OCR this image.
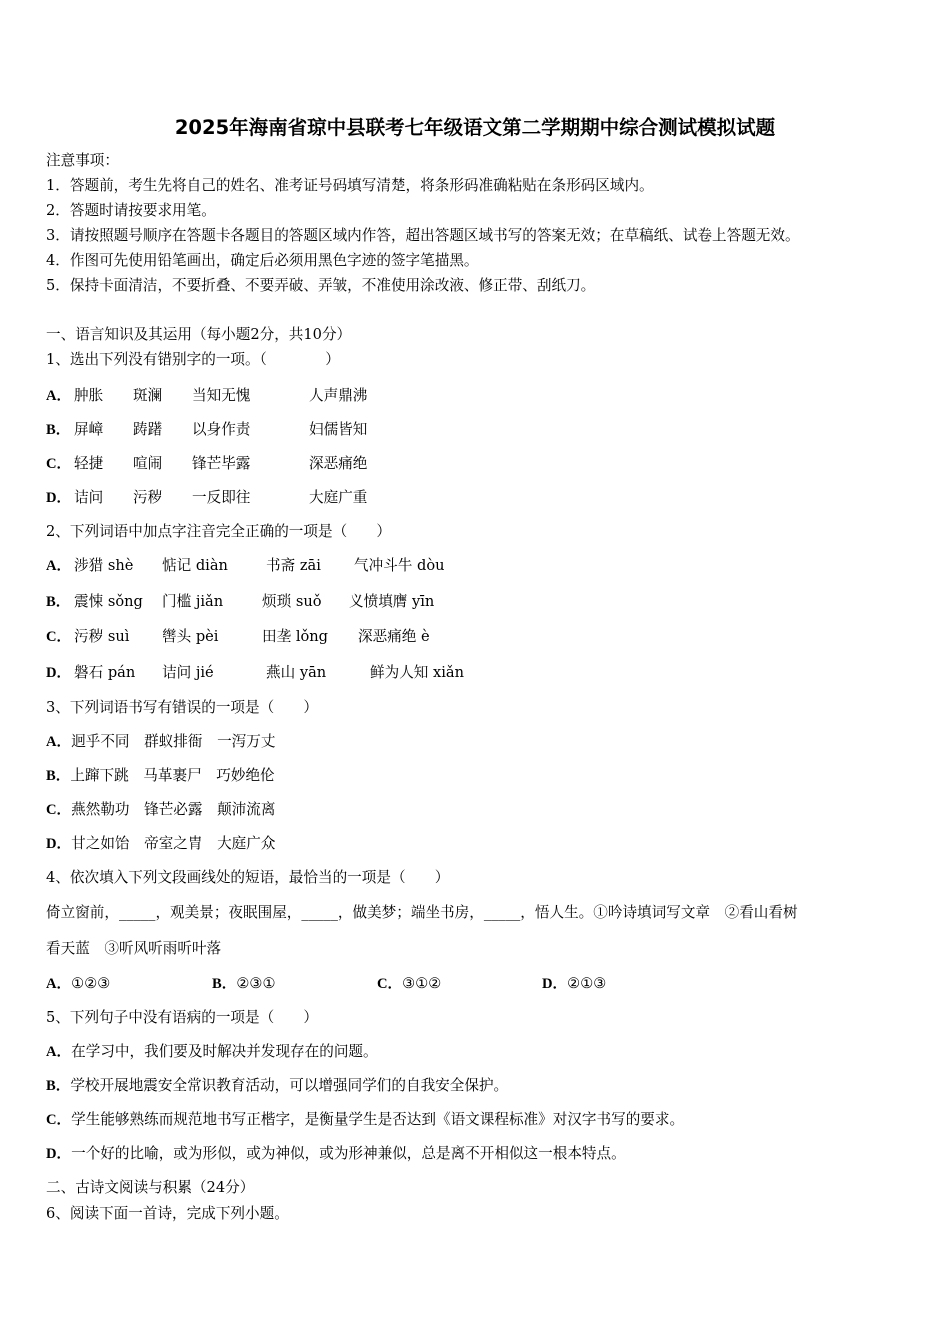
2025年海南省琼中县联考七年级语文第二学期期中综合测试模拟试题
注意事项：
1．答题前，考生先将自己的姓名、准考证号码填写清楚，将条形码准确粘贴在条形码区域内。
2．答题时请按要求用笔。
3．请按照题号顺序在答题卡各题目的答题区域内作答，超出答题区域书写的答案无效；在草稿纸、试卷上答题无效。
4．作图可先使用铅笔画出，确定后必须用黑色字迹的签字笔描黑。
5．保持卡面清洁，不要折叠、不要弄破、弄皱，不准使用涂改液、修正带、刮纸刀。
一、语言知识及其运用（每小题2分，共10分）
1、选出下列没有错别字的一项。（　　　　）
A． 肿胀 斑澜 当知无愧	人声鼎沸
B． 屏嶂 踌躇 以身作责	妇儒皆知
C． 轻捷 喧闹 锋芒毕露	深恶痛绝
D． 诘问 污秽 一反即往	大庭广重
2、下列词语中加点字注音完全正确的一项是（　　）
A． 涉猎 shè 惦记 diàn	书斋 zāi 气冲斗牛 dòu
B． 震悚 sǒng 门槛 jiǎn	烦琐 suǒ 义愤填膺 yīn
C． 污秽 suì 辔头 pèi	田垄 lǒng 深恶痛绝 è
D． 磐石 pán 诘问 jié	燕山 yān	鲜为人知 xiǎn
3、下列词语书写有错误的一项是（　　）
A．迥乎不同　群蚁排衙　一泻万丈
B．上蹿下跳　马革裹尸　巧妙绝伦
C．燕然勒功　锋芒必露　颠沛流离
D．甘之如饴　帝室之胄　大庭广众
4、依次填入下列文段画线处的短语，最恰当的一项是（　　）
倚立窗前，_____，观美景；夜眠围屋，_____，做美梦；端坐书房，_____，悟人生。①吟诗填词写文章　②看山看树
看天蓝　③听风听雨听叶落
A．①②③	B．②③①	C．③①②	D．②①③
5、下列句子中没有语病的一项是（　　）
A．在学习中，我们要及时解决并发现存在的问题。
B．学校开展地震安全常识教育活动，可以增强同学们的自我安全保护。
C．学生能够熟练而规范地书写正楷字，是衡量学生是否达到《语文课程标准》对汉字书写的要求。
D．一个好的比喻，或为形似，或为神似，或为形神兼似，总是离不开相似这一根本特点。
二、古诗文阅读与积累（24分）
6、阅读下面一首诗，完成下列小题。
